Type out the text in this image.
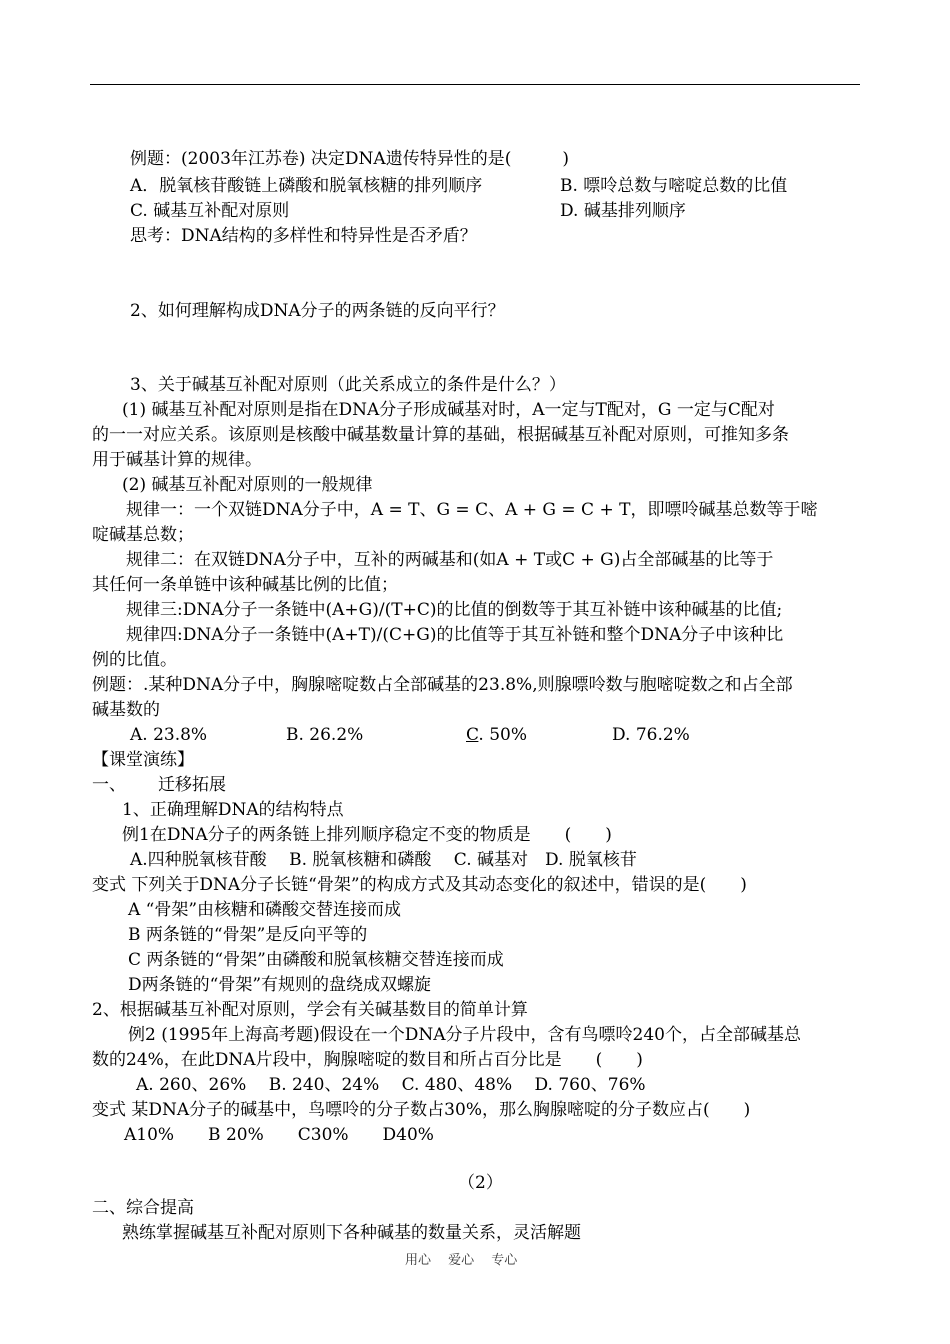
例题：(2003年江苏卷) 决定DNA遗传特异性的是(　　　)
A．脱氧核苷酸链上磷酸和脱氧核糖的排列顺序	B. 嘌呤总数与嘧啶总数的比值
C. 碱基互补配对原则	D. 碱基排列顺序
思考：DNA结构的多样性和特异性是否矛盾？
2、如何理解构成DNA分子的两条链的反向平行？
3、关于碱基互补配对原则（此关系成立的条件是什么？）
(1) 碱基互补配对原则是指在DNA分子形成碱基对时，A一定与T配对，G 一定与C配对
的一一对应关系。该原则是核酸中碱基数量计算的基础，根据碱基互补配对原则，可推知多条
用于碱基计算的规律。
(2) 碱基互补配对原则的一般规律
规律一：一个双链DNA分子中，A = T、G = C、A + G = C + T，即嘌呤碱基总数等于嘧
啶碱基总数；
规律二：在双链DNA分子中，互补的两碱基和(如A + T或C + G)占全部碱基的比等于
其任何一条单链中该种碱基比例的比值；
规律三:DNA分子一条链中(A+G)/(T+C)的比值的倒数等于其互补链中该种碱基的比值;
规律四:DNA分子一条链中(A+T)/(C+G)的比值等于其互补链和整个DNA分子中该种比
例的比值。
例题：.某种DNA分子中，胸腺嘧啶数占全部碱基的23.8%,则腺嘌呤数与胞嘧啶数之和占全部
碱基数的
A. 23.8%	B. 26.2%	C. 50%	D. 76.2%
【课堂演练】
一、 迁移拓展
1、正确理解DNA的结构特点
例1在DNA分子的两条链上排列顺序稳定不变的物质是　　(　　)
A.四种脱氧核苷酸　 B. 脱氧核糖和磷酸　 C. 碱基对　D. 脱氧核苷
变式 下列关于DNA分子长链“骨架”的构成方式及其动态变化的叙述中，错误的是(　　)
A “骨架”由核糖和磷酸交替连接而成
B 两条链的“骨架”是反向平等的
C 两条链的“骨架”由磷酸和脱氧核糖交替连接而成
D两条链的“骨架”有规则的盘绕成双螺旋
2、根据碱基互补配对原则，学会有关碱基数目的简单计算
例2 (1995年上海高考题)假设在一个DNA分子片段中，含有鸟嘌呤240个，占全部碱基总
数的24%，在此DNA片段中，胸腺嘧啶的数目和所占百分比是　　(　　)
A. 260、26%　 B. 240、24%　 C. 480、48%　 D. 760、76%
变式 某DNA分子的碱基中，鸟嘌呤的分子数占30%，那么胸腺嘧啶的分子数应占(　　)
A10%　　B 20%　　C30%　　D40%
（2）
二、综合提高
熟练掌握碱基互补配对原则下各种碱基的数量关系，灵活解题
用心　 爱心　 专心
